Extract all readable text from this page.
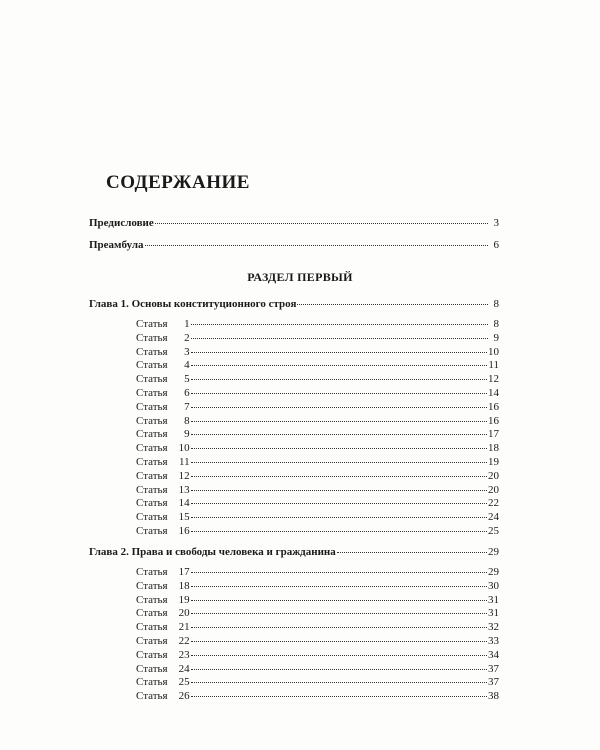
СОДЕРЖАНИЕ
Предисловие	3
Преамбула	6
РАЗДЕЛ ПЕРВЫЙ
Глава 1. Основы конституционного строя	8
Статья 1	8
Статья 2	9
Статья 3	10
Статья 4	11
Статья 5	12
Статья 6	14
Статья 7	16
Статья 8	16
Статья 9	17
Статья 10	18
Статья 11	19
Статья 12	20
Статья 13	20
Статья 14	22
Статья 15	24
Статья 16	25
Глава 2. Права и свободы человека и гражданина	29
Статья 17	29
Статья 18	30
Статья 19	31
Статья 20	31
Статья 21	32
Статья 22	33
Статья 23	34
Статья 24	37
Статья 25	37
Статья 26	38
